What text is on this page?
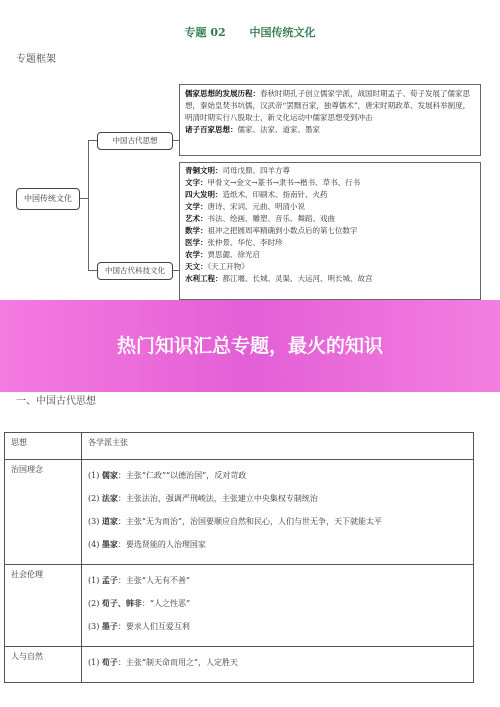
专题 02 中国传统文化
专题框架
中国传统文化
中国古代思想
中国古代科技文化
儒家思想的发展历程：春秋时期孔子创立儒家学派，战国时期孟子、荀子发展了儒家思想，秦始皇焚书坑儒，汉武帝“罢黜百家，独尊儒术”，唐宋时期政革、发展科举制度，明清时期实行八股取士，新文化运动中儒家思想受到冲击
诸子百家思想：儒家、法家、道家、墨家
青铜文明：司母戊鼎、四羊方尊
文字：甲骨文→金文→篆书→隶书→楷书、草书、行书
四大发明：造纸术、印刷术、指南针、火药
文学：唐诗、宋词、元曲、明清小说
艺术：书法、绘画、雕塑、音乐、舞蹈、戏曲
数学：祖冲之把圆周率精确到小数点后的第七位数字
医学：张仲景、华佗、李时珍
农学：贾思勰、徐光启
天文：《天工开物》
水利工程：都江堰、长城、灵渠、大运河、明长城、故宫
热门知识汇总专题，最火的知识
一、中国古代思想
思想	各学派主张
治国理念	(1) 儒家：主张“仁政”“以德治国”，反对苛政
(2) 法家：主张法治，强调严刑峻法，主张建立中央集权专制统治
(3) 道家：主张“无为而治”，治国要顺应自然和民心，人们与世无争，天下就能太平
(4) 墨家：要选贤能的人治理国家

社会伦理	(1) 孟子：主张“人无有不善”
(2) 荀子、韩非：“人之性恶”
(3) 墨子：要求人们互爱互利

人与自然	(1) 荀子：主张“制天命而用之”，人定胜天
